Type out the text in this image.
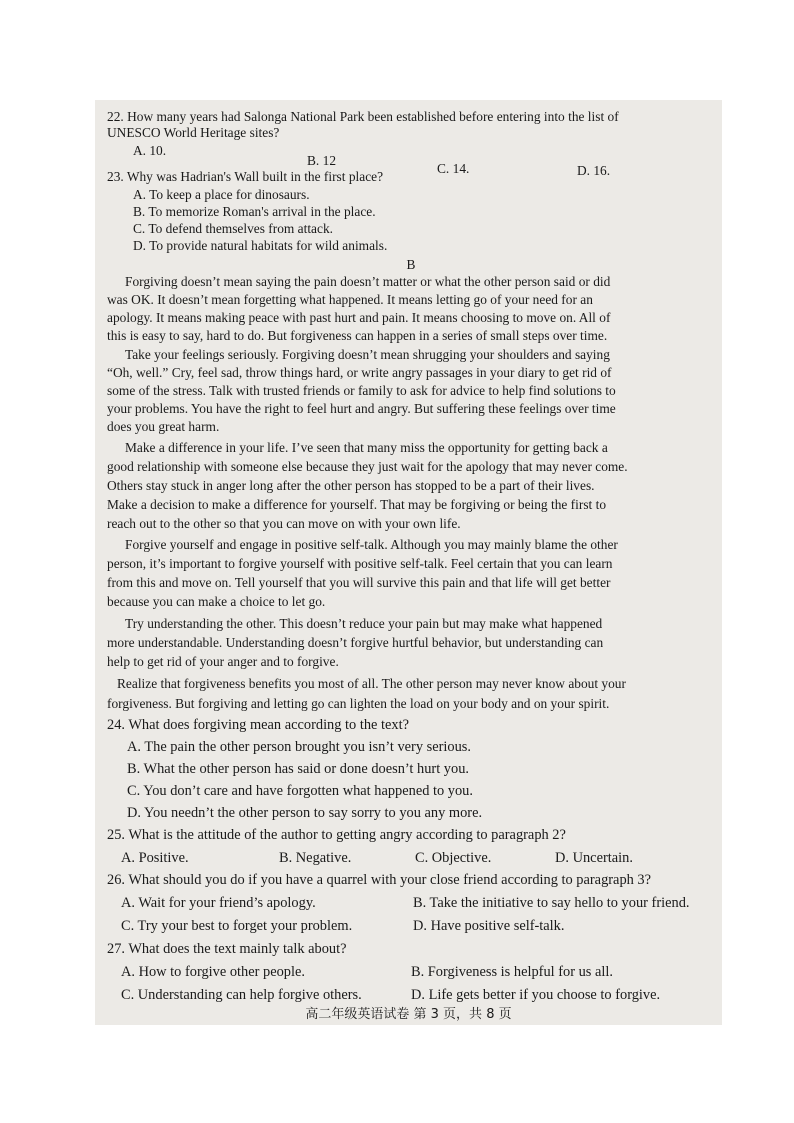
22. How many years had Salonga National Park been established before entering into the list of
UNESCO World Heritage sites?
A. 10.
B. 12
C. 14.	D. 16.
23. Why was Hadrian's Wall built in the first place?
A. To keep a place for dinosaurs.
B. To memorize Roman's arrival in the place.
C. To defend themselves from attack.
D. To provide natural habitats for wild animals.
B
Forgiving doesn’t mean saying the pain doesn’t matter or what the other person said or did
was OK. It doesn’t mean forgetting what happened. It means letting go of your need for an
apology. It means making peace with past hurt and pain. It means choosing to move on. All of
this is easy to say, hard to do. But forgiveness can happen in a series of small steps over time.
Take your feelings seriously. Forgiving doesn’t mean shrugging your shoulders and saying
“Oh, well.” Cry, feel sad, throw things hard, or write angry passages in your diary to get rid of
some of the stress. Talk with trusted friends or family to ask for advice to help find solutions to
your problems. You have the right to feel hurt and angry. But suffering these feelings over time
does you great harm.
Make a difference in your life. I’ve seen that many miss the opportunity for getting back a
good relationship with someone else because they just wait for the apology that may never come.
Others stay stuck in anger long after the other person has stopped to be a part of their lives.
Make a decision to make a difference for yourself. That may be forgiving or being the first to
reach out to the other so that you can move on with your own life.
Forgive yourself and engage in positive self-talk. Although you may mainly blame the other
person, it’s important to forgive yourself with positive self-talk. Feel certain that you can learn
from this and move on. Tell yourself that you will survive this pain and that life will get better
because you can make a choice to let go.
Try understanding the other. This doesn’t reduce your pain but may make what happened
more understandable. Understanding doesn’t forgive hurtful behavior, but understanding can
help to get rid of your anger and to forgive.
Realize that forgiveness benefits you most of all. The other person may never know about your
forgiveness. But forgiving and letting go can lighten the load on your body and on your spirit.
24. What does forgiving mean according to the text?
A. The pain the other person brought you isn’t very serious.
B. What the other person has said or done doesn’t hurt you.
C. You don’t care and have forgotten what happened to you.
D. You needn’t the other person to say sorry to you any more.
25. What is the attitude of the author to getting angry according to paragraph 2?
A. Positive.	B. Negative.	C. Objective.	D. Uncertain.
26. What should you do if you have a quarrel with your close friend according to paragraph 3?
A. Wait for your friend’s apology.	B. Take the initiative to say hello to your friend.
C. Try your best to forget your problem.	D. Have positive self-talk.
27. What does the text mainly talk about?
A. How to forgive other people.	B. Forgiveness is helpful for us all.
C. Understanding can help forgive others.	D. Life gets better if you choose to forgive.
高二年级英语试卷 第 3 页，共 8 页
